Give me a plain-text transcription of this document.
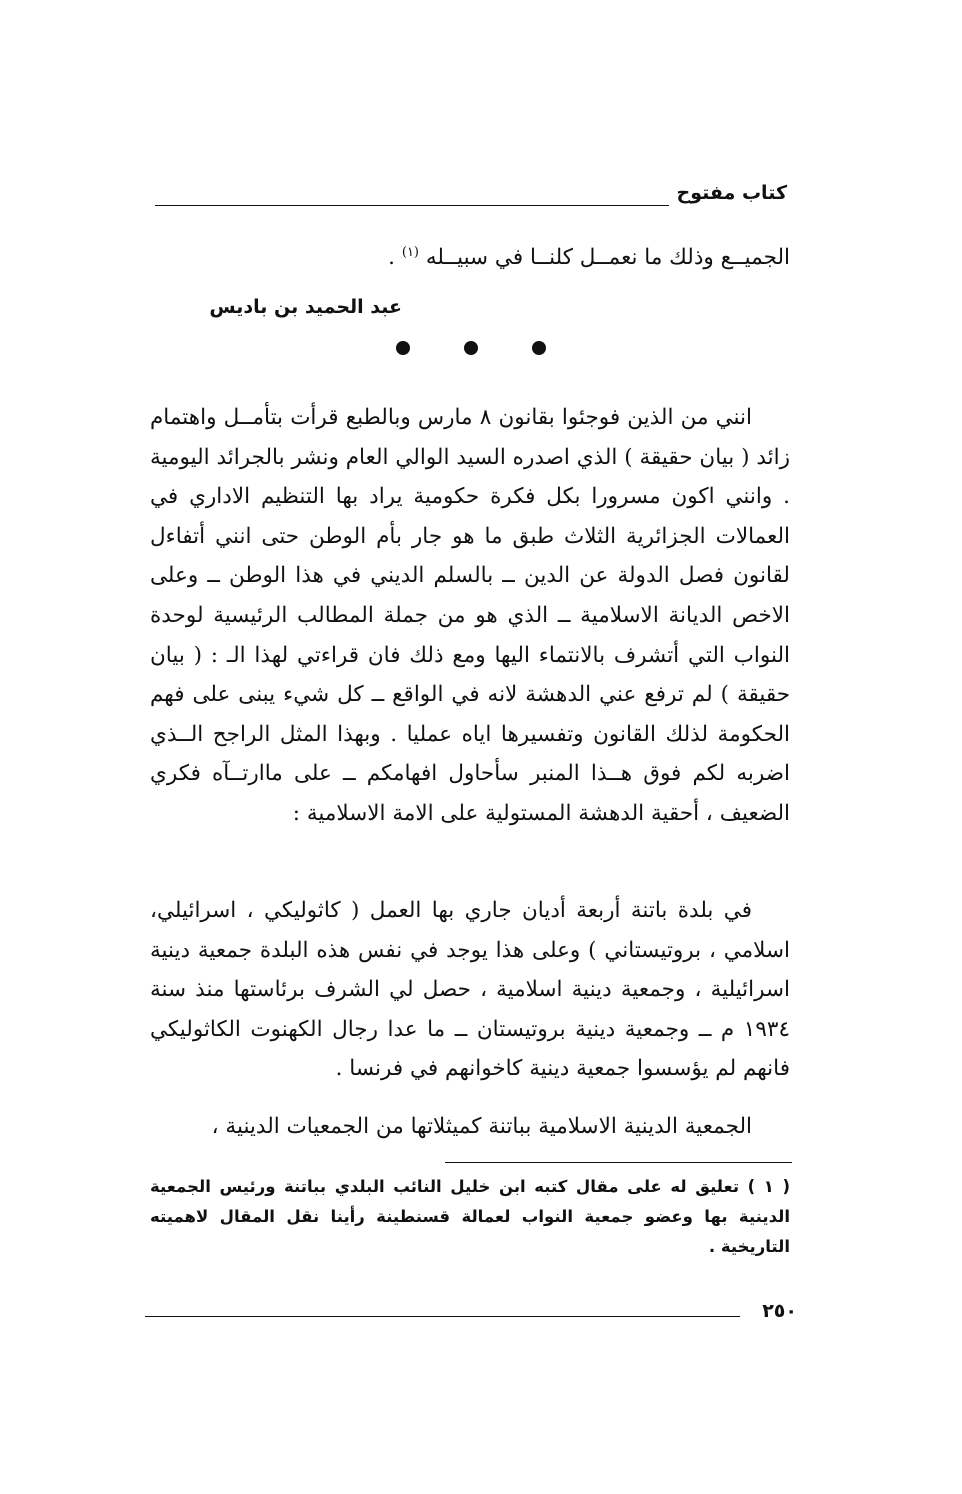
كتاب مفتوح
الجميــع وذلك ما نعمــل كلنــا في سبيــله $^{(١)}$ .
عبد الحميد بن باديس

انني من الذين فوجئوا بقانون ٨ مارس وبالطبع قرأت بتأمــل واهتمام زائد ( بيان حقيقة ) الذي اصدره السيد الوالي العام ونشر بالجرائد اليومية . وانني اكون مسرورا بكل فكرة حكومية يراد بها التنظيم الاداري في العمالات الجزائرية الثلاث طبق ما هو جار بأم الوطن حتى انني أتفاءل لقانون فصل الدولة عن الدين ــ بالسلم الديني في هذا الوطن ــ وعلى الاخص الديانة الاسلامية ــ الذي هو من جملة المطالب الرئيسية لوحدة النواب التي أتشرف بالانتماء اليها ومع ذلك فان قراءتي لهذا الـ : ( بيان حقيقة ) لم ترفع عني الدهشة لانه في الواقع ــ كل شيء يبنى على فهم الحكومة لذلك القانون وتفسيرها اياه عمليا . وبهذا المثل الراجح الــذي اضربه لكم فوق هــذا المنبر سأحاول افهامكم ــ على ماارتــآه فكري الضعيف ، أحقية الدهشة المستولية على الامة الاسلامية :

في بلدة باتنة أربعة أديان جاري بها العمل ( كاثوليكي ، اسرائيلي، اسلامي ، بروتيستاني ) وعلى هذا يوجد في نفس هذه البلدة جمعية دينية اسرائيلية ، وجمعية دينية اسلامية ، حصل لي الشرف برئاستها منذ سنة ١٩٣٤ م ــ وجمعية دينية بروتيستان ــ ما عدا رجال الكهنوت الكاثوليكي فانهم لم يؤسسوا جمعية دينية كاخوانهم في فرنسا .

الجمعية الدينية الاسلامية بباتنة كميثلاتها من الجمعيات الدينية ،

( ١ ) تعليق له على مقال كتبه ابن خليل النائب البلدي بباتنة ورئيس الجمعية الدينية بها وعضو جمعية النواب لعمالة قسنطينة رأينا نقل المقال لاهميته التاريخية .
٢٥٠
